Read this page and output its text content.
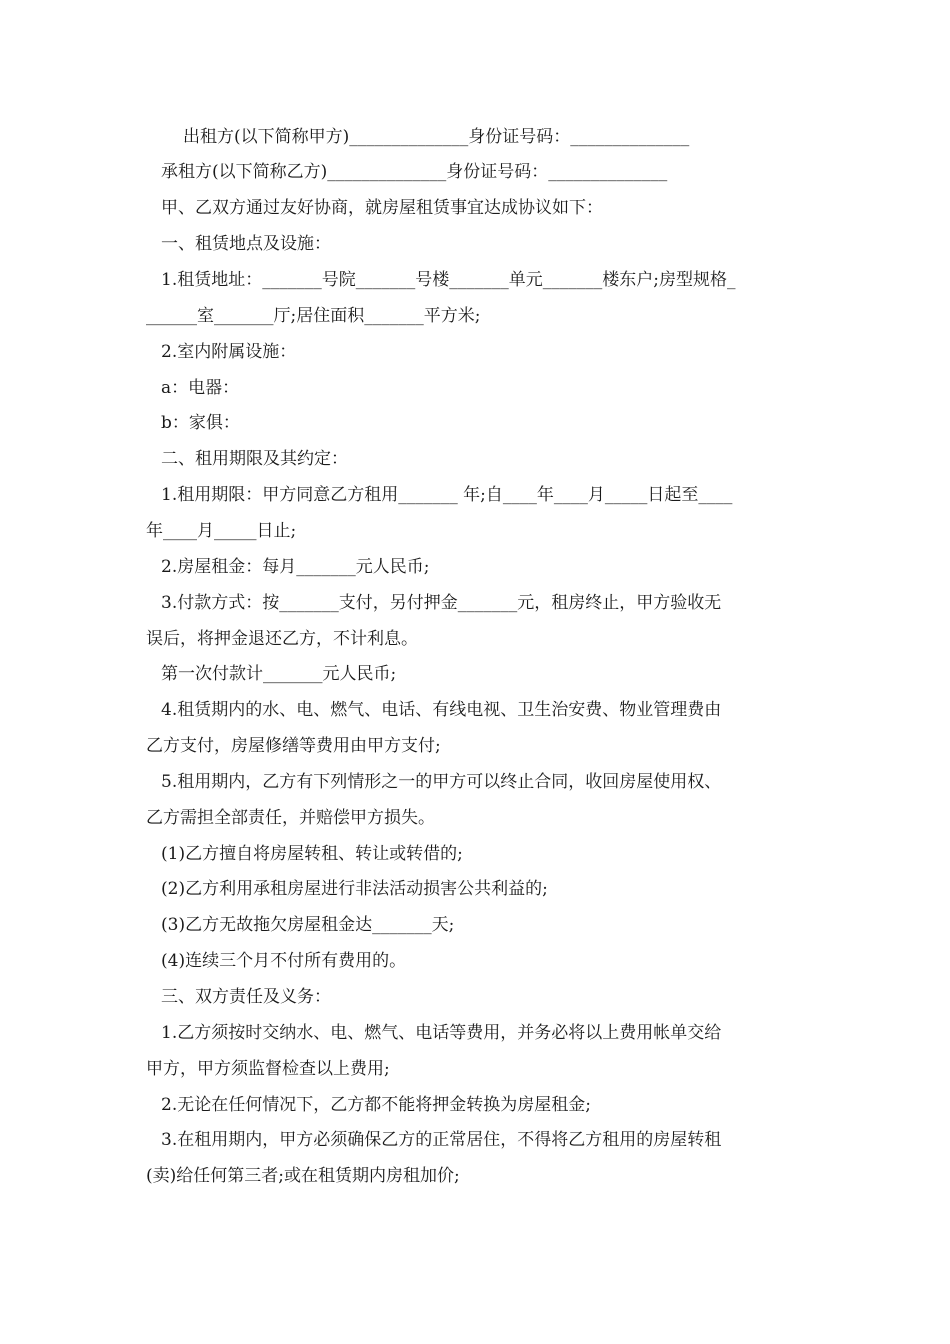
出租方(以下简称甲方)______________身份证号码：______________
承租方(以下简称乙方)______________身份证号码：______________
甲、乙双方通过友好协商，就房屋租赁事宜达成协议如下：
一、租赁地点及设施：
1.租赁地址：_______号院_______号楼_______单元_______楼东户;房型规格_
______室_______厅;居住面积_______平方米;
2.室内附属设施：
a：电器：
b：家俱：
二、租用期限及其约定：
1.租用期限：甲方同意乙方租用_______ 年;自____年____月_____日起至____
年____月_____日止;
2.房屋租金：每月_______元人民币;
3.付款方式：按_______支付，另付押金_______元，租房终止，甲方验收无
误后，将押金退还乙方，不计利息。
第一次付款计_______元人民币;
4.租赁期内的水、电、燃气、电话、有线电视、卫生治安费、物业管理费由
乙方支付，房屋修缮等费用由甲方支付;
5.租用期内，乙方有下列情形之一的甲方可以终止合同，收回房屋使用权、
乙方需担全部责任，并赔偿甲方损失。
(1)乙方擅自将房屋转租、转让或转借的;
(2)乙方利用承租房屋进行非法活动损害公共利益的;
(3)乙方无故拖欠房屋租金达_______天;
(4)连续三个月不付所有费用的。
三、双方责任及义务：
1.乙方须按时交纳水、电、燃气、电话等费用，并务必将以上费用帐单交给
甲方，甲方须监督检查以上费用;
2.无论在任何情况下，乙方都不能将押金转换为房屋租金;
3.在租用期内，甲方必须确保乙方的正常居住，不得将乙方租用的房屋转租
(卖)给任何第三者;或在租赁期内房租加价;
